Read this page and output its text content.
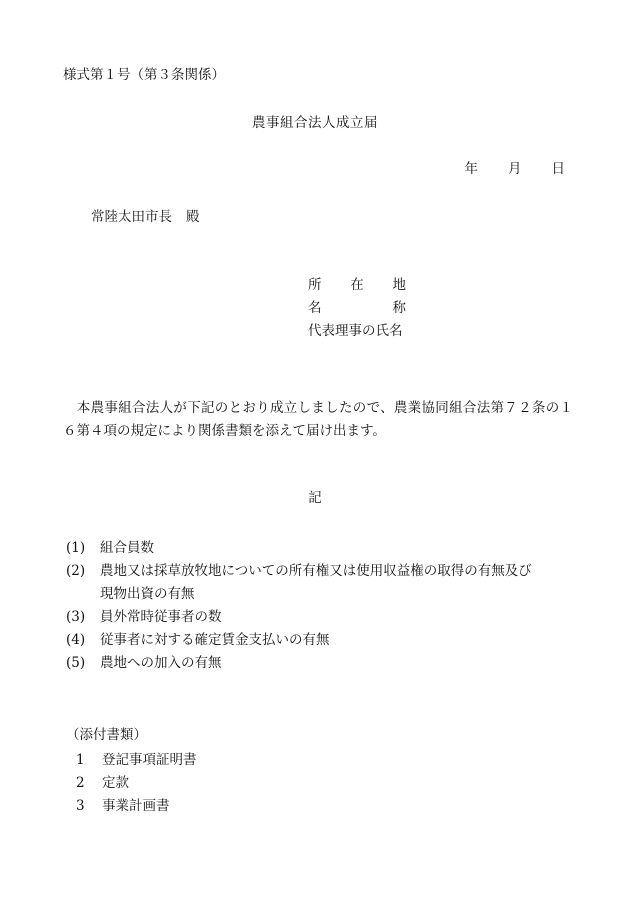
様式第１号（第３条関係）
農事組合法人成立届
年 月 日
常陸太田市長 殿
所在地
名称
代表理事の氏名
　本農事組合法人が下記のとおり成立しましたので、農業協同組合法第７２条の１６第４項の規定により関係書類を添えて届け出ます。
記
(1)	組合員数
(2)	農地又は採草放牧地についての所有権又は使用収益権の取得の有無及び
現物出資の有無
(3)	員外常時従事者の数
(4)	従事者に対する確定賃金支払いの有無
(5)	農地への加入の有無
（添付書類）
1	登記事項証明書
2	定款
3	事業計画書
